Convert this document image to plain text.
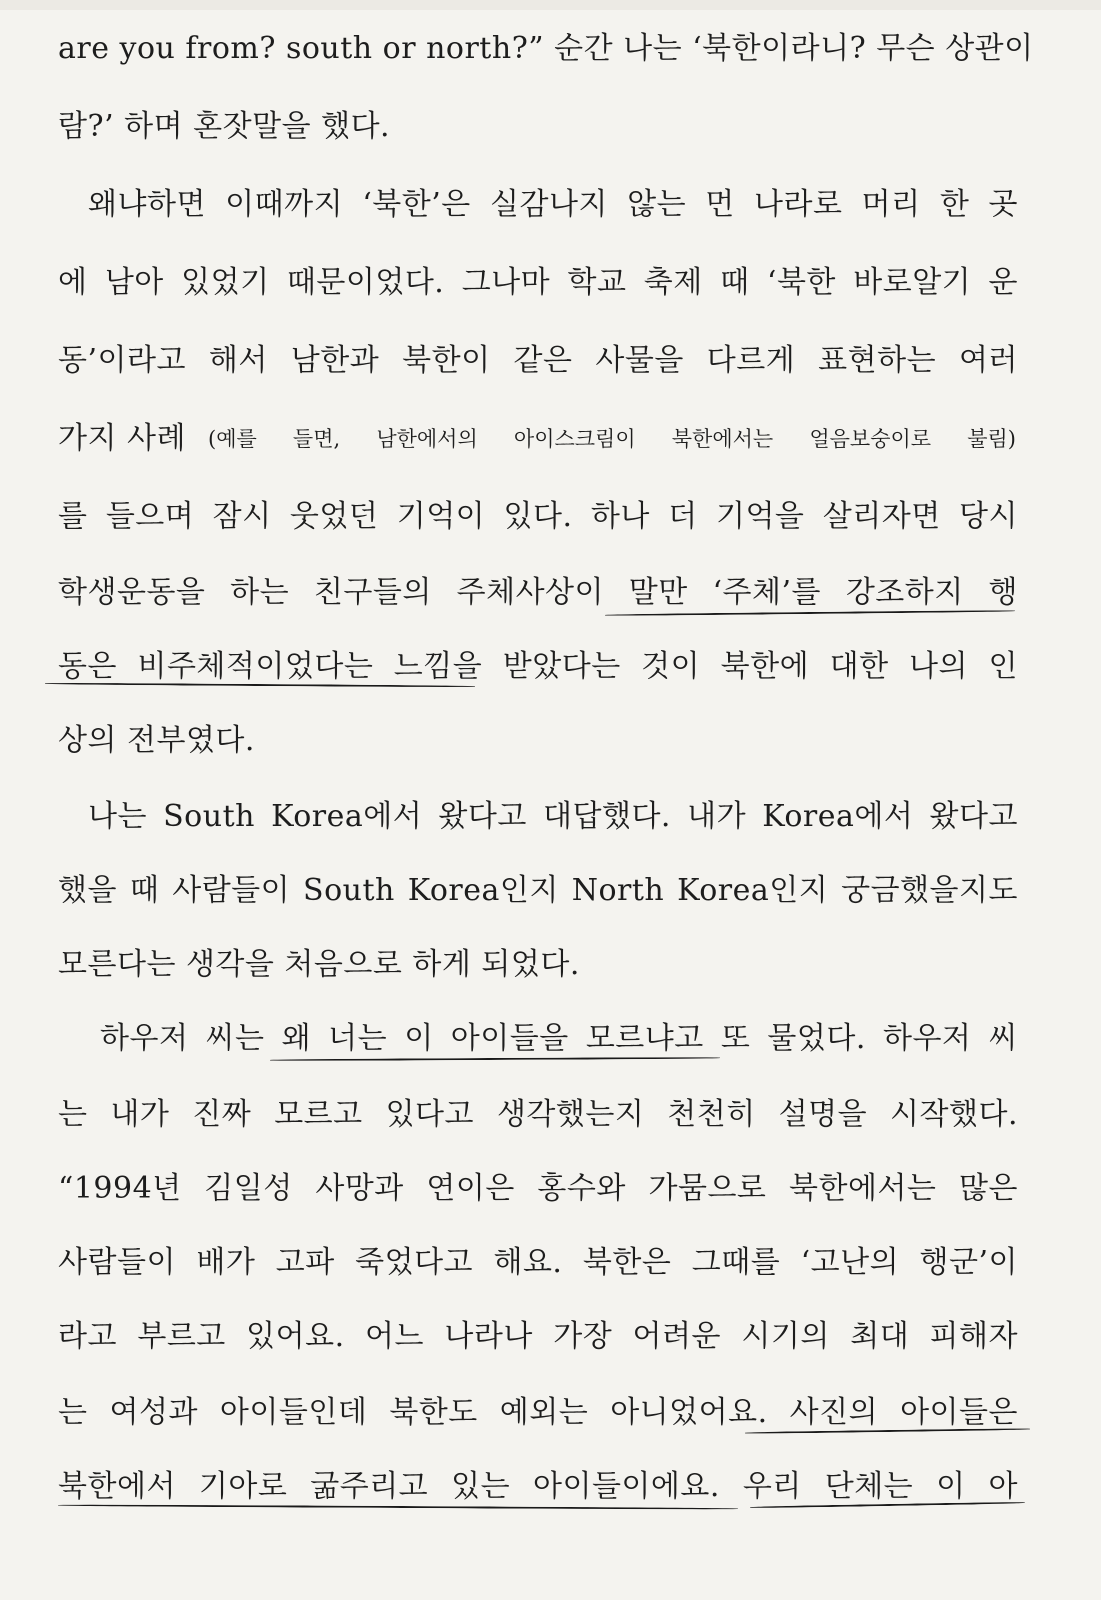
are you from? south or north?” 순간 나는 ‘북한이라니? 무슨 상관이
람?’ 하며 혼잣말을 했다.
왜냐하면 이때까지 ‘북한’은 실감나지 않는 먼 나라로 머리 한 곳
에 남아 있었기 때문이었다. 그나마 학교 축제 때 ‘북한 바로알기 운
동’이라고 해서 남한과 북한이 같은 사물을 다르게 표현하는 여러
가지 사례	(예를 들면, 남한에서의 아이스크림이 북한에서는 얼음보숭이로 불림)
를 들으며 잠시 웃었던 기억이 있다. 하나 더 기억을 살리자면 당시
학생운동을 하는 친구들의 주체사상이 말만 ‘주체’를 강조하지 행
동은 비주체적이었다는 느낌을 받았다는 것이 북한에 대한 나의 인
상의 전부였다.
나는 South Korea에서 왔다고 대답했다. 내가 Korea에서 왔다고
했을 때 사람들이 South Korea인지 North Korea인지 궁금했을지도
모른다는 생각을 처음으로 하게 되었다.
하우저 씨는 왜 너는 이 아이들을 모르냐고 또 물었다. 하우저 씨
는 내가 진짜 모르고 있다고 생각했는지 천천히 설명을 시작했다.
“1994년 김일성 사망과 연이은 홍수와 가뭄으로 북한에서는 많은
사람들이 배가 고파 죽었다고 해요. 북한은 그때를 ‘고난의 행군’이
라고 부르고 있어요. 어느 나라나 가장 어려운 시기의 최대 피해자
는 여성과 아이들인데 북한도 예외는 아니었어요. 사진의 아이들은
북한에서 기아로 굶주리고 있는 아이들이에요. 우리 단체는 이 아
